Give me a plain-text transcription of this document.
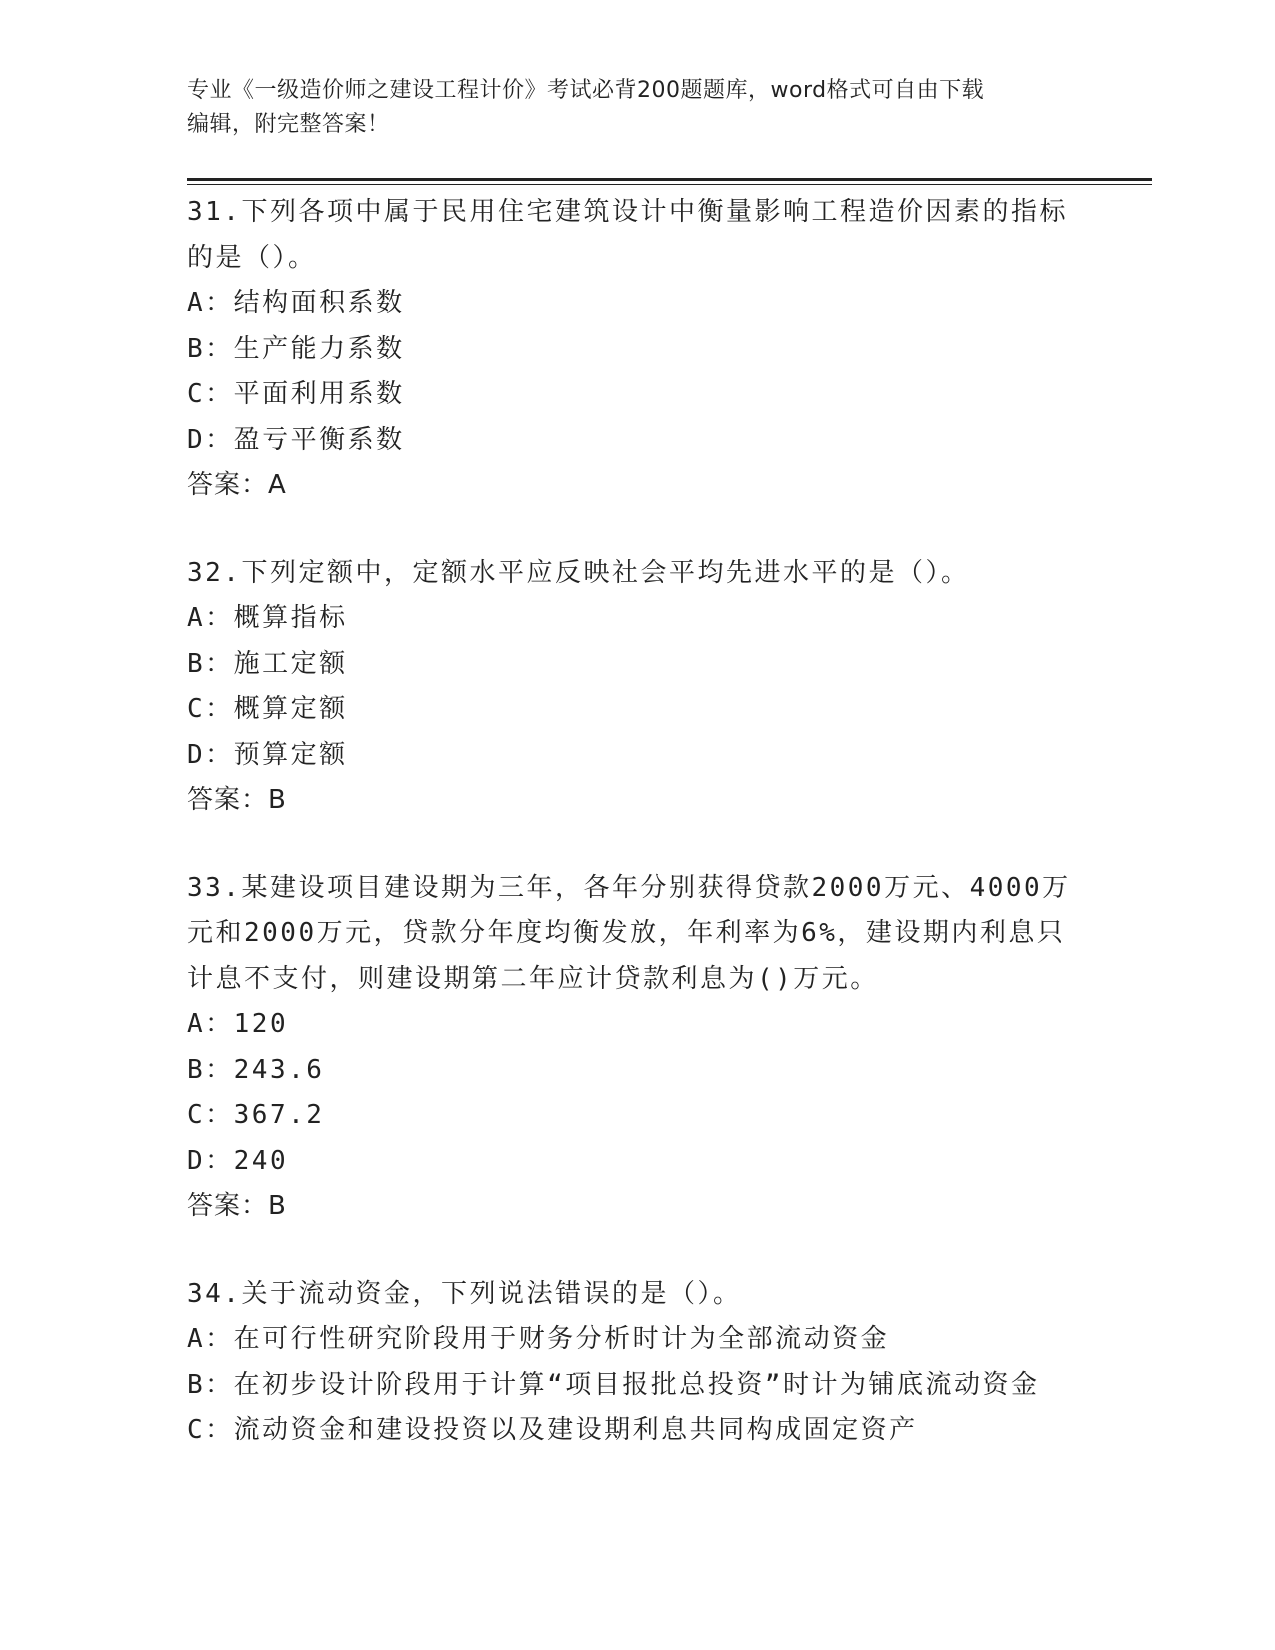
专业《一级造价师之建设工程计价》考试必背200题题库，word格式可自由下载
编辑，附完整答案！

31.下列各项中属于民用住宅建筑设计中衡量影响工程造价因素的指标

的是（）。

A：结构面积系数

B：生产能力系数

C：平面利用系数

D：盈亏平衡系数

答案：A

32.下列定额中，定额水平应反映社会平均先进水平的是（）。

A：概算指标

B：施工定额

C：概算定额

D：预算定额

答案：B

33.某建设项目建设期为三年，各年分别获得贷款2000万元、4000万

元和2000万元，贷款分年度均衡发放，年利率为6%，建设期内利息只

计息不支付，则建设期第二年应计贷款利息为()万元。

A：120

B：243.6

C：367.2

D：240

答案：B

34.关于流动资金，下列说法错误的是（）。

A：在可行性研究阶段用于财务分析时计为全部流动资金

B：在初步设计阶段用于计算“项目报批总投资”时计为铺底流动资金

C：流动资金和建设投资以及建设期利息共同构成固定资产
